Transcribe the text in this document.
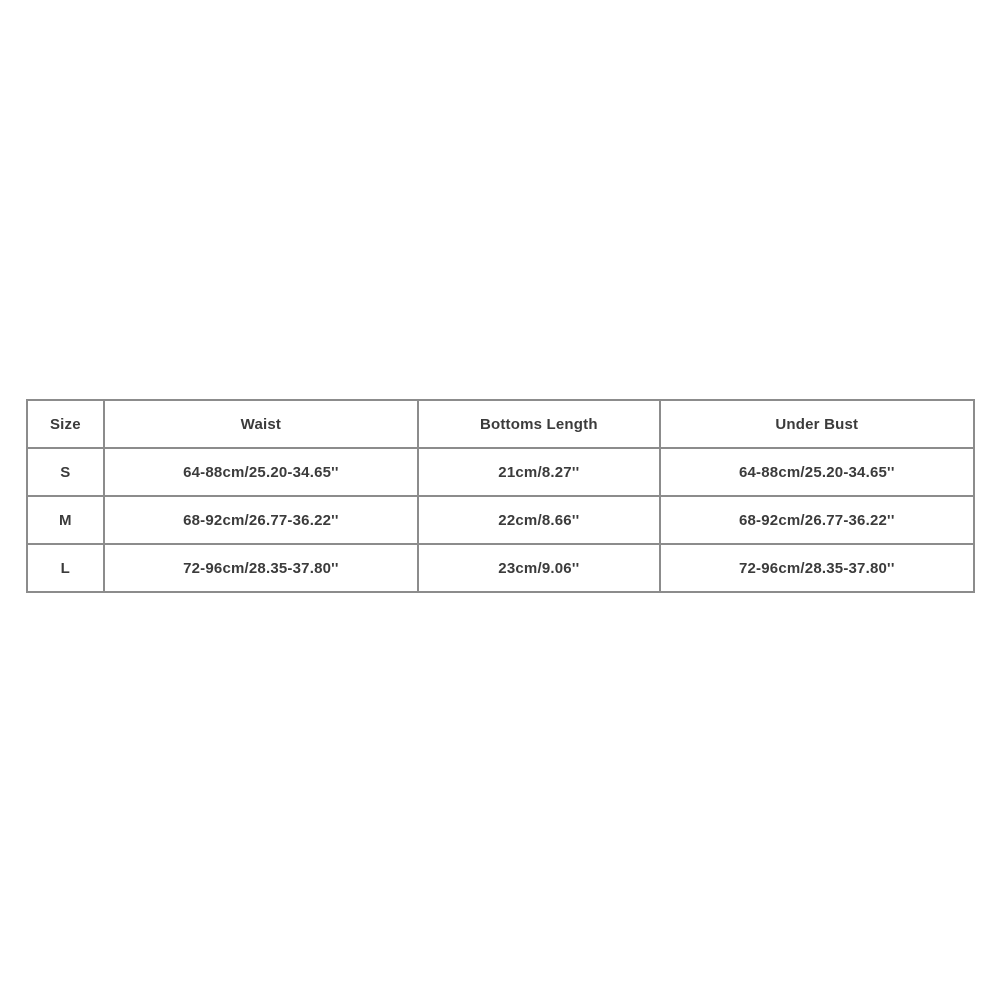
Size	Waist	Bottoms Length	Under Bust
S	64-88cm/25.20-34.65''	21cm/8.27''	64-88cm/25.20-34.65''
M	68-92cm/26.77-36.22''	22cm/8.66''	68-92cm/26.77-36.22''
L	72-96cm/28.35-37.80''	23cm/9.06''	72-96cm/28.35-37.80''
